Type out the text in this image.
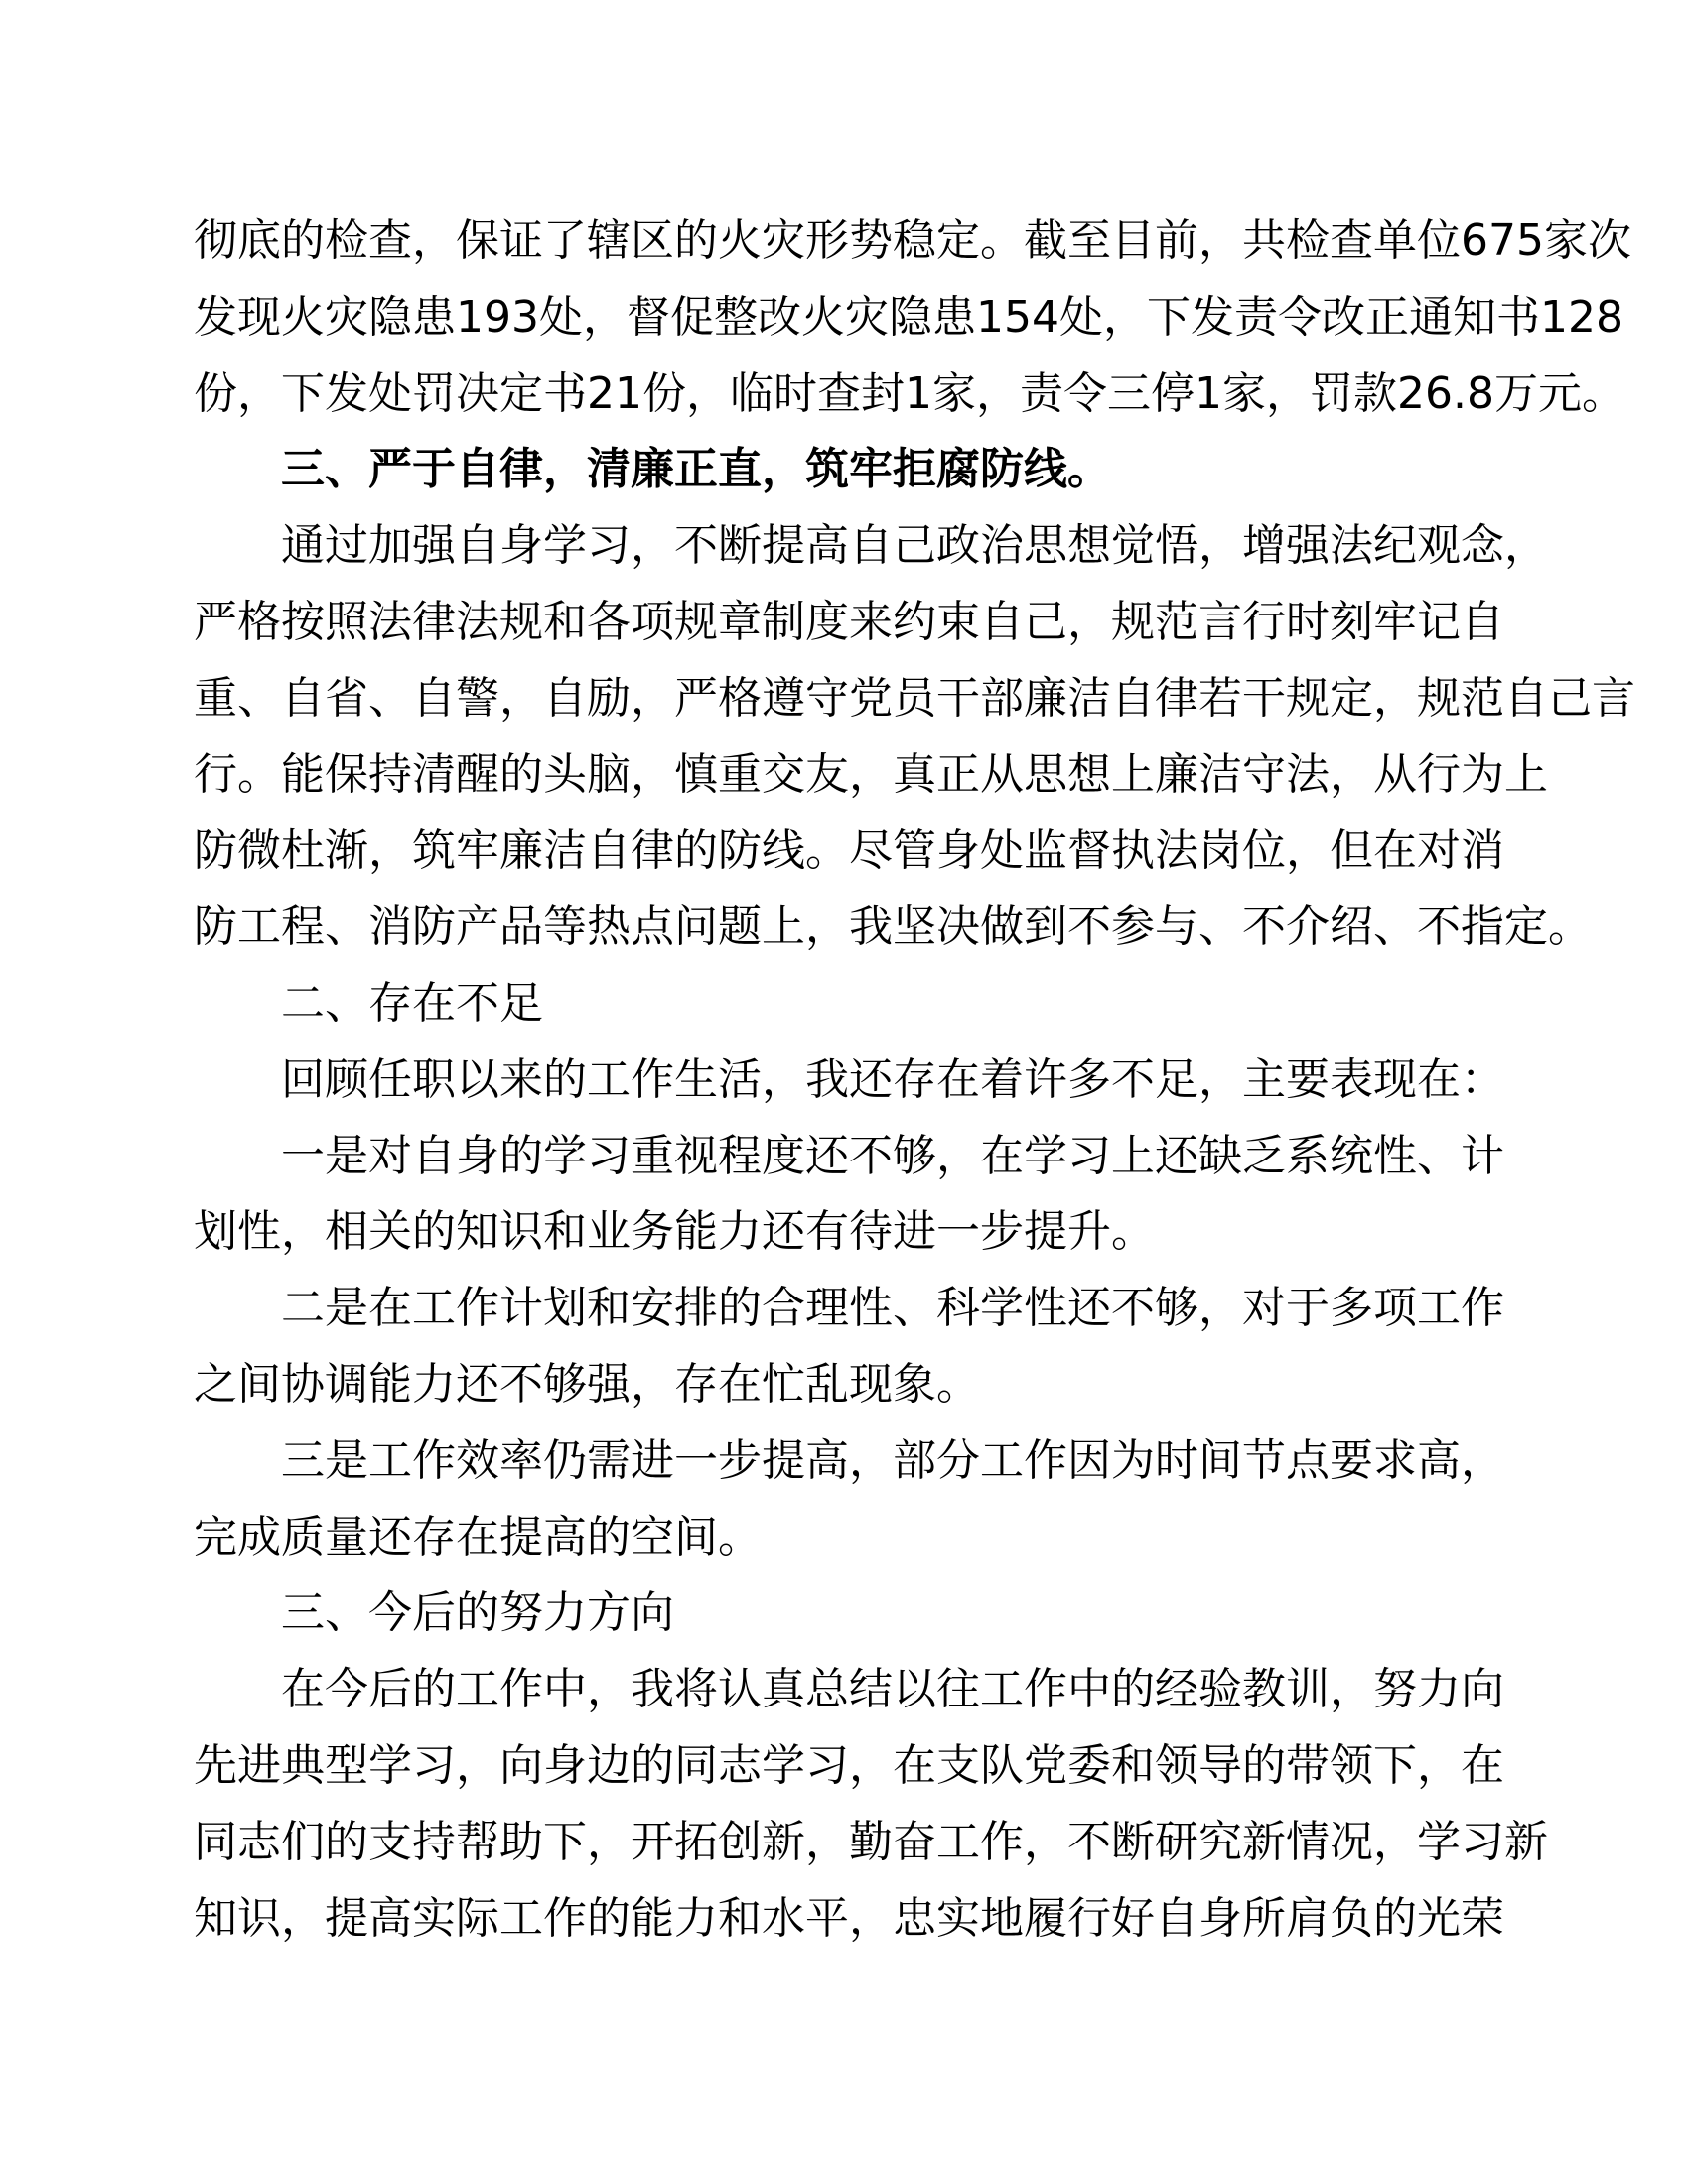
彻底的检查，保证了辖区的火灾形势稳定。截至目前，共检查单位675家次
发现火灾隐患193处，督促整改火灾隐患154处，下发责令改正通知书128
份，下发处罚决定书21份，临时查封1家，责令三停1家，罚款26.8万元。
三、严于自律，清廉正直，筑牢拒腐防线。
通过加强自身学习，不断提高自己政治思想觉悟，增强法纪观念，
严格按照法律法规和各项规章制度来约束自己，规范言行时刻牢记自
重、自省、自警，自励，严格遵守党员干部廉洁自律若干规定，规范自己言
行。能保持清醒的头脑，慎重交友，真正从思想上廉洁守法，从行为上
防微杜渐，筑牢廉洁自律的防线。尽管身处监督执法岗位，但在对消
防工程、消防产品等热点问题上，我坚决做到不参与、不介绍、不指定。
二、存在不足
回顾任职以来的工作生活，我还存在着许多不足，主要表现在：
一是对自身的学习重视程度还不够，在学习上还缺乏系统性、计
划性，相关的知识和业务能力还有待进一步提升。
二是在工作计划和安排的合理性、科学性还不够，对于多项工作
之间协调能力还不够强，存在忙乱现象。
三是工作效率仍需进一步提高，部分工作因为时间节点要求高，
完成质量还存在提高的空间。
三、今后的努力方向
在今后的工作中，我将认真总结以往工作中的经验教训，努力向
先进典型学习，向身边的同志学习，在支队党委和领导的带领下，在
同志们的支持帮助下，开拓创新，勤奋工作，不断研究新情况，学习新
知识，提高实际工作的能力和水平，忠实地履行好自身所肩负的光荣
